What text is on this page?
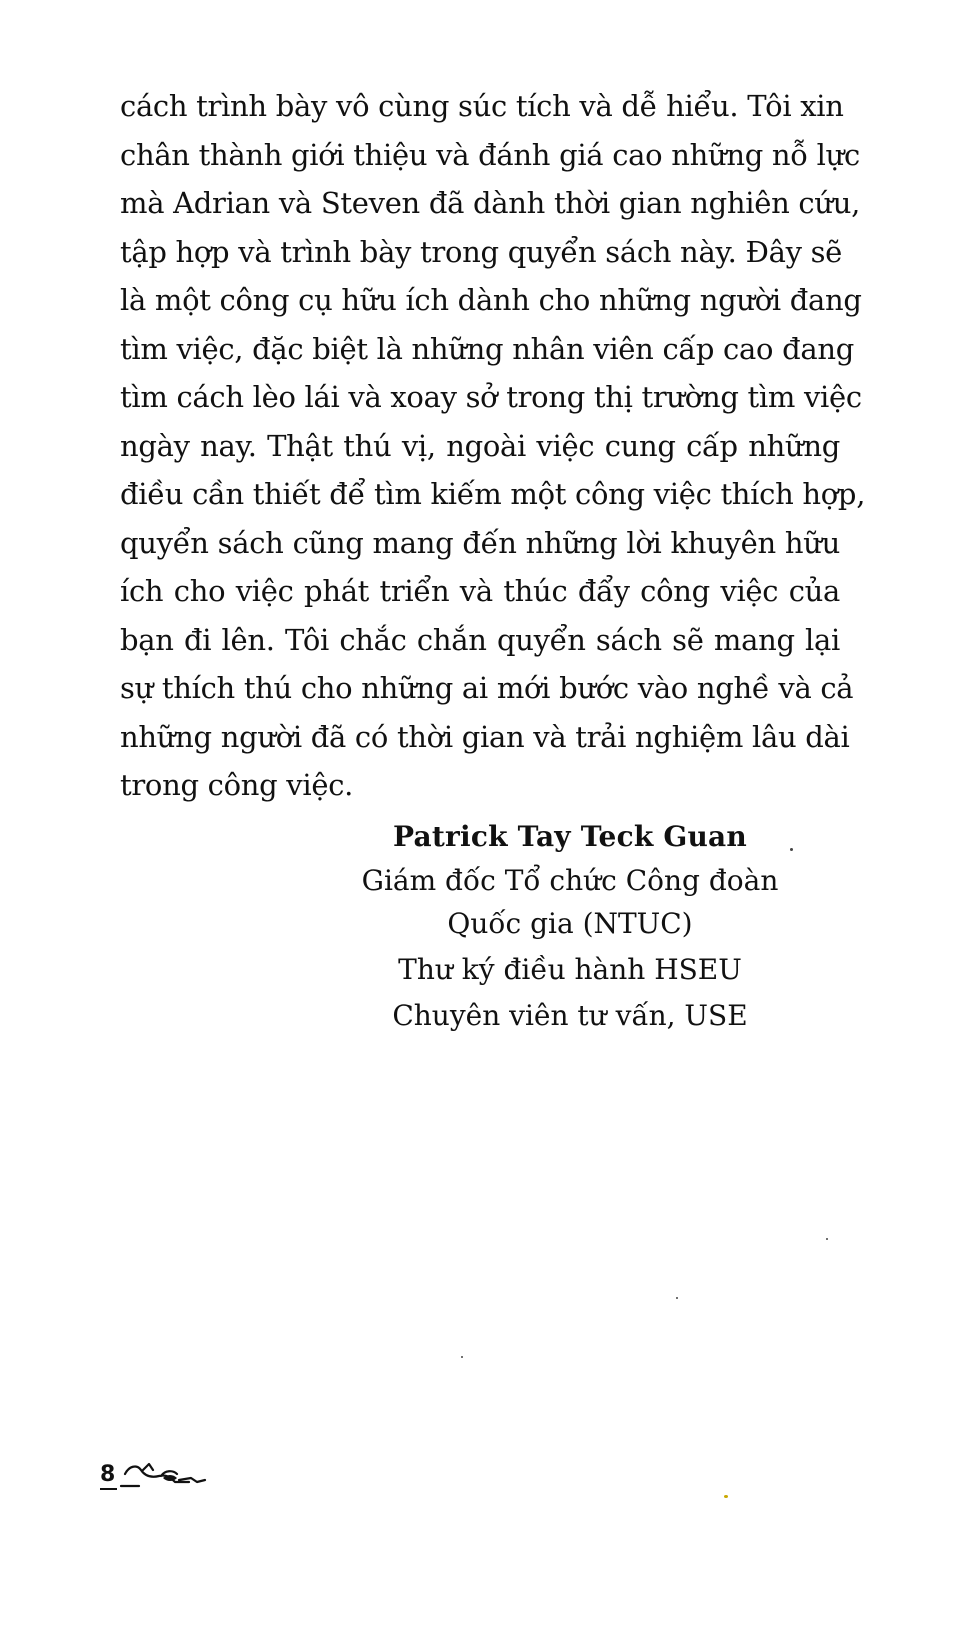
cách trình bày vô cùng súc tích và dễ hiểu. Tôi xin
chân thành giới thiệu và đánh giá cao những nỗ lực
mà Adrian và Steven đã dành thời gian nghiên cứu,
tập hợp và trình bày trong quyển sách này. Đây sẽ
là một công cụ hữu ích dành cho những người đang
tìm việc, đặc biệt là những nhân viên cấp cao đang
tìm cách lèo lái và xoay sở trong thị trường tìm việc
ngày nay. Thật thú vị, ngoài việc cung cấp những
điều cần thiết để tìm kiếm một công việc thích hợp,
quyển sách cũng mang đến những lời khuyên hữu
ích cho việc phát triển và thúc đẩy công việc của
bạn đi lên. Tôi chắc chắn quyển sách sẽ mang lại
sự thích thú cho những ai mới bước vào nghề và cả
những người đã có thời gian và trải nghiệm lâu dài
trong công việc.
Patrick Tay Teck Guan
Giám đốc Tổ chức Công đoàn
Quốc gia (NTUC)
Thư ký điều hành HSEU
Chuyên viên tư vấn, USE
8
